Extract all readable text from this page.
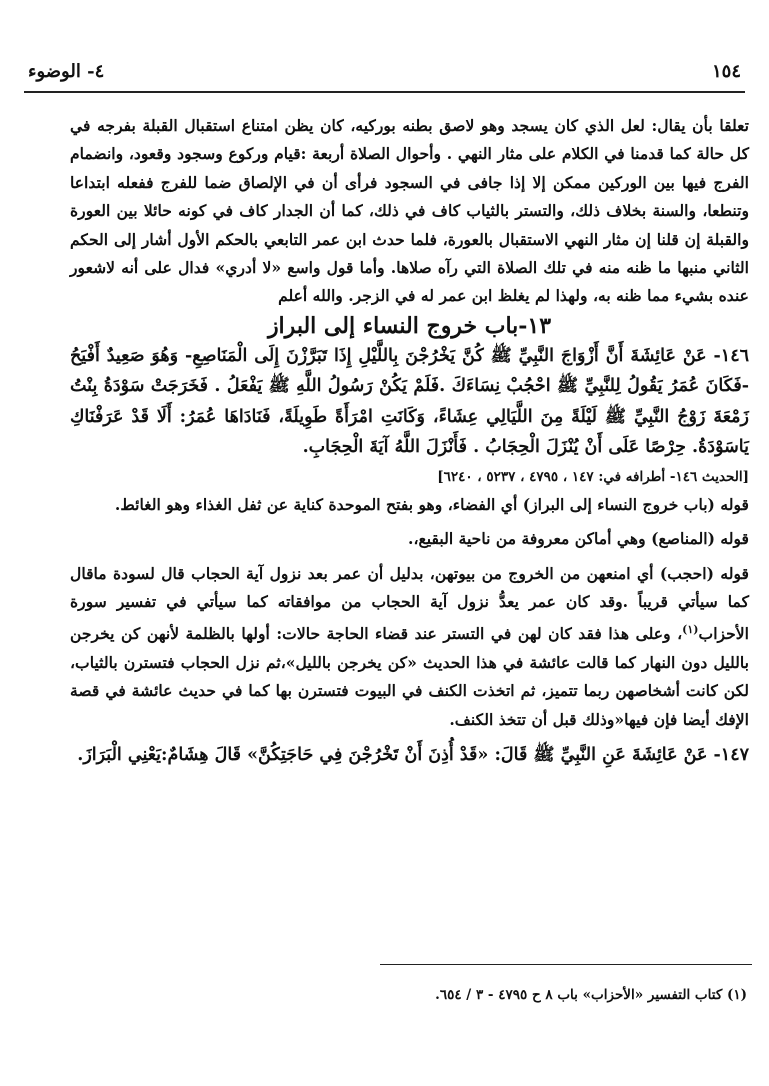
٤- الوضوء	١٥٤

تعلقا بأن يقال: لعل الذي كان يسجد وهو لاصق بطنه بوركيه، كان يظن امتناع استقبال القبلة بفرجه في كل حالة كما قدمنا في الكلام على مثار النهي . وأحوال الصلاة أربعة :قيام وركوع وسجود وقعود، وانضمام الفرج فيها بين الوركين ممكن إلا إذا جافى في السجود فرأى أن في الإلصاق ضما للفرج ففعله ابتداعا وتنطعا، والسنة بخلاف ذلك، والتستر بالثياب كاف في ذلك، كما أن الجدار كاف في كونه حائلا بين العورة والقبلة إن قلنا إن مثار النهي الاستقبال بالعورة، فلما حدث ابن عمر التابعي بالحكم الأول أشار إلى الحكم الثاني منبها ما ظنه منه في تلك الصلاة التي رآه صلاها. وأما قول واسع «لا أدري» فدال على أنه لاشعور عنده بشيء مما ظنه به، ولهذا لم يغلظ ابن عمر له في الزجر. والله أعلم

١٣-باب خروج النساء إلى البراز

١٤٦- عَنْ عَائِشَةَ أَنَّ أَزْوَاجَ النَّبِيِّ ﷺ كُنَّ يَخْرُجْنَ بِاللَّيْلِ إِذَا تَبَرَّزْنَ إِلَى الْمَنَاصِعِ- وَهُوَ صَعِيدٌ أَفْيَحُ -فَكَانَ عُمَرُ يَقُولُ لِلنَّبِيِّ ﷺ احْجُبْ نِسَاءَكَ .فَلَمْ يَكُنْ رَسُولُ اللَّهِ ﷺ يَفْعَلُ . فَخَرَجَتْ سَوْدَةُ بِنْتُ زَمْعَةَ زَوْجُ النَّبِيِّ ﷺ لَيْلَةً مِنَ اللَّيَالِي عِشَاءً، وَكَانَتِ امْرَأَةً طَوِيلَةً، فَنَادَاهَا عُمَرُ: أَلَا قَدْ عَرَفْنَاكِ يَاسَوْدَةُ. حِرْصًا عَلَى أَنْ يُنْزَلَ الْحِجَابُ . فَأَنْزَلَ اللَّهُ آيَةَ الْحِجَابِ.

[الحديث ١٤٦- أطرافه في: ١٤٧ ، ٤٧٩٥ ، ٥٢٣٧ ، ٦٢٤٠]

قوله (باب خروج النساء إلى البراز) أي الفضاء، وهو بفتح الموحدة كناية عن ثفل الغذاء وهو الغائط.

قوله (المناصع) وهي أماكن معروفة من ناحية البقيع،.

قوله (احجب) أي امنعهن من الخروج من بيوتهن، بدليل أن عمر بعد نزول آية الحجاب قال لسودة ماقال كما سيأتي قريباً .وقد كان عمر يعدُّ نزول آية الحجاب من موافقاته كما سيأتي في تفسير سورة الأحزاب$^{(١)}$، وعلى هذا فقد كان لهن في التستر عند قضاء الحاجة حالات: أولها بالظلمة لأنهن كن يخرجن بالليل دون النهار كما قالت عائشة في هذا الحديث «كن يخرجن بالليل»،ثم نزل الحجاب فتسترن بالثياب، لكن كانت أشخاصهن ربما تتميز، ثم اتخذت الكنف في البيوت فتسترن بها كما في حديث عائشة في قصة الإفك أيضا فإن فيها«وذلك قبل أن تتخذ الكنف.

١٤٧- عَنْ عَائِشَةَ عَنِ النَّبِيِّ ﷺ قَالَ: «قَدْ أُذِنَ أَنْ تَخْرُجْنَ فِي حَاجَتِكُنَّ» قَالَ هِشَامٌ:يَعْنِي الْبَرَازَ.

(١) كتاب التفسير «الأحزاب» باب ٨ ح ٤٧٩٥ - ٣ / ٦٥٤.
